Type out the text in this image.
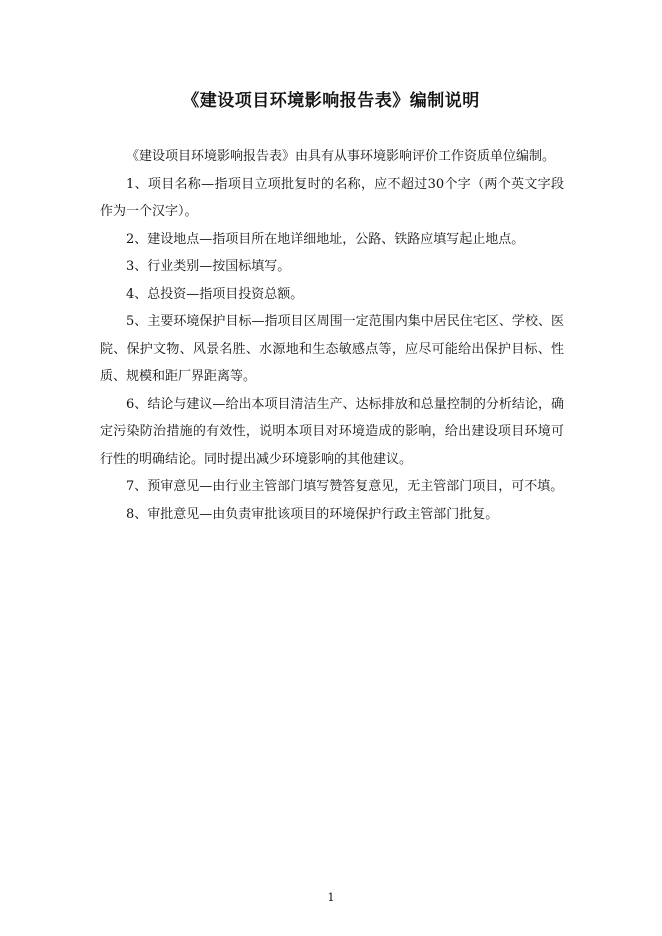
《建设项目环境影响报告表》编制说明

《建设项目环境影响报告表》由具有从事环境影响评价工作资质单位编制。

1、项目名称—指项目立项批复时的名称，应不超过30个字（两个英文字段作为一个汉字）。

2、建设地点—指项目所在地详细地址，公路、铁路应填写起止地点。

3、行业类别—按国标填写。

4、总投资—指项目投资总额。

5、主要环境保护目标—指项目区周围一定范围内集中居民住宅区、学校、医院、保护文物、风景名胜、水源地和生态敏感点等，应尽可能给出保护目标、性质、规模和距厂界距离等。

6、结论与建议—给出本项目清洁生产、达标排放和总量控制的分析结论，确定污染防治措施的有效性，说明本项目对环境造成的影响，给出建设项目环境可行性的明确结论。同时提出减少环境影响的其他建议。

7、预审意见—由行业主管部门填写赞答复意见，无主管部门项目，可不填。

8、审批意见—由负责审批该项目的环境保护行政主管部门批复。

1
